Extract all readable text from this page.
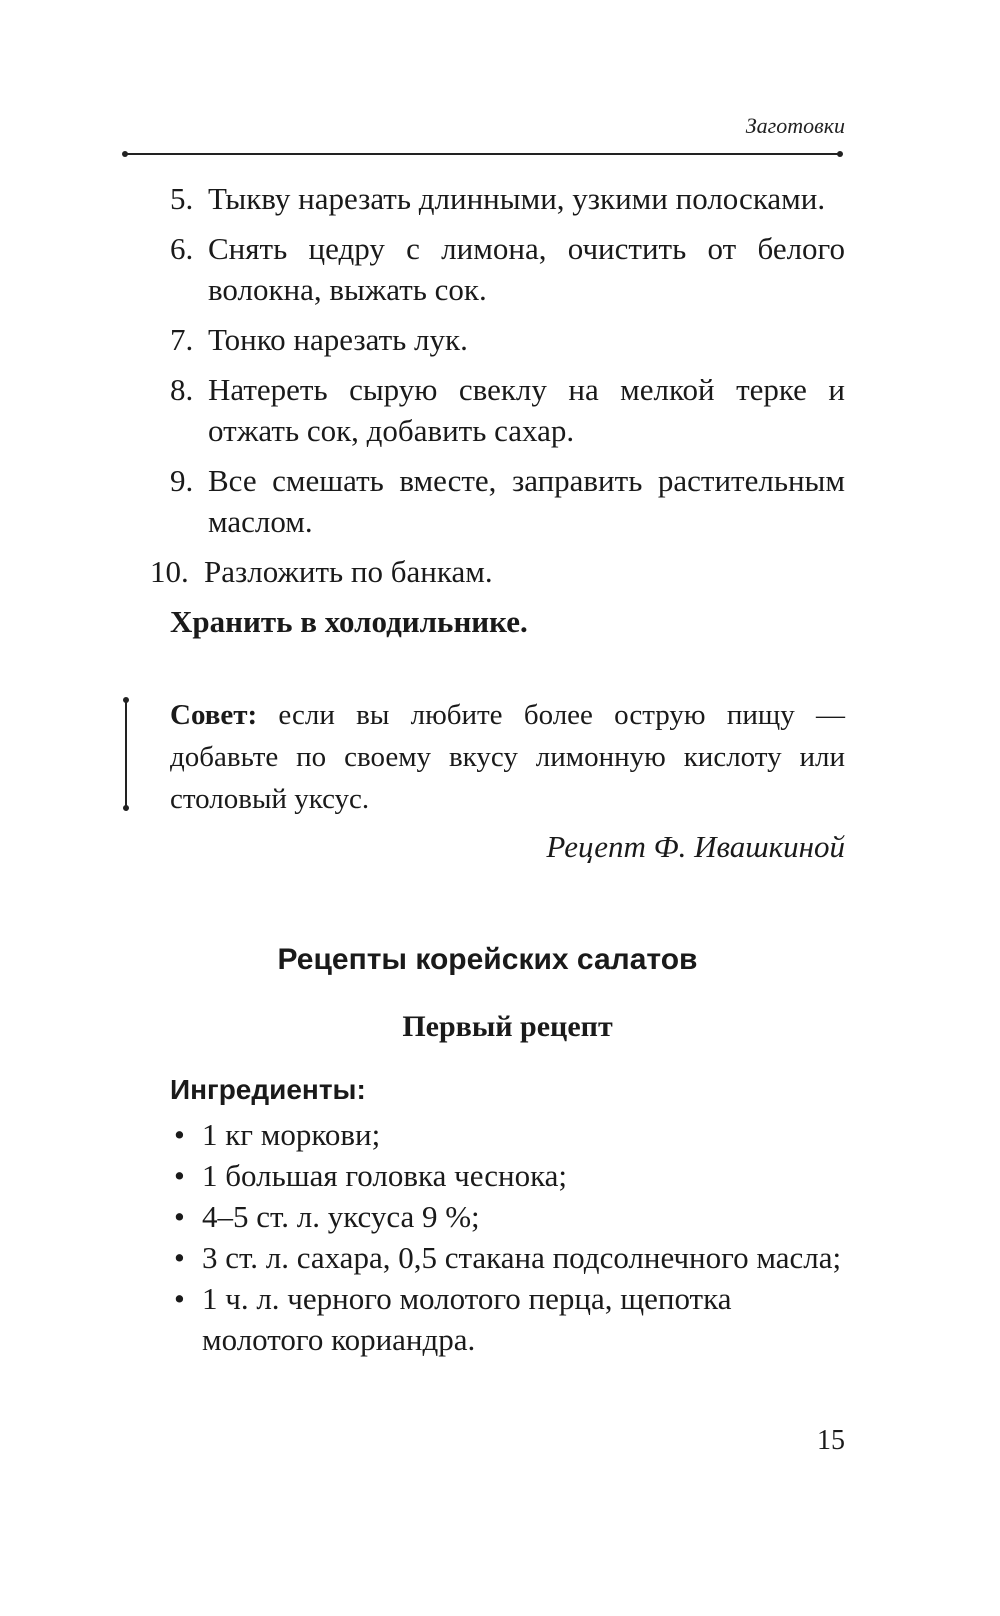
Заготовки
5. Тыкву нарезать длинными, узкими полосками.
6. Снять цедру с лимона, очистить от белого волокна, выжать сок.
7. Тонко нарезать лук.
8. Натереть сырую свеклу на мелкой терке и отжать сок, добавить сахар.
9. Все смешать вместе, заправить растительным маслом.
10. Разложить по банкам.
Хранить в холодильнике.
Совет: если вы любите более острую пищу — добавьте по своему вкусу лимонную кислоту или столовый уксус.
Рецепт Ф. Ивашкиной
Рецепты корейских салатов
Первый рецепт
Ингредиенты:
• 1 кг моркови;
• 1 большая головка чеснока;
• 4–5 ст. л. уксуса 9 %;
• 3 ст. л. сахара, 0,5 стакана подсолнечного масла;
• 1 ч. л. черного молотого перца, щепотка молотого кориандра.
15
